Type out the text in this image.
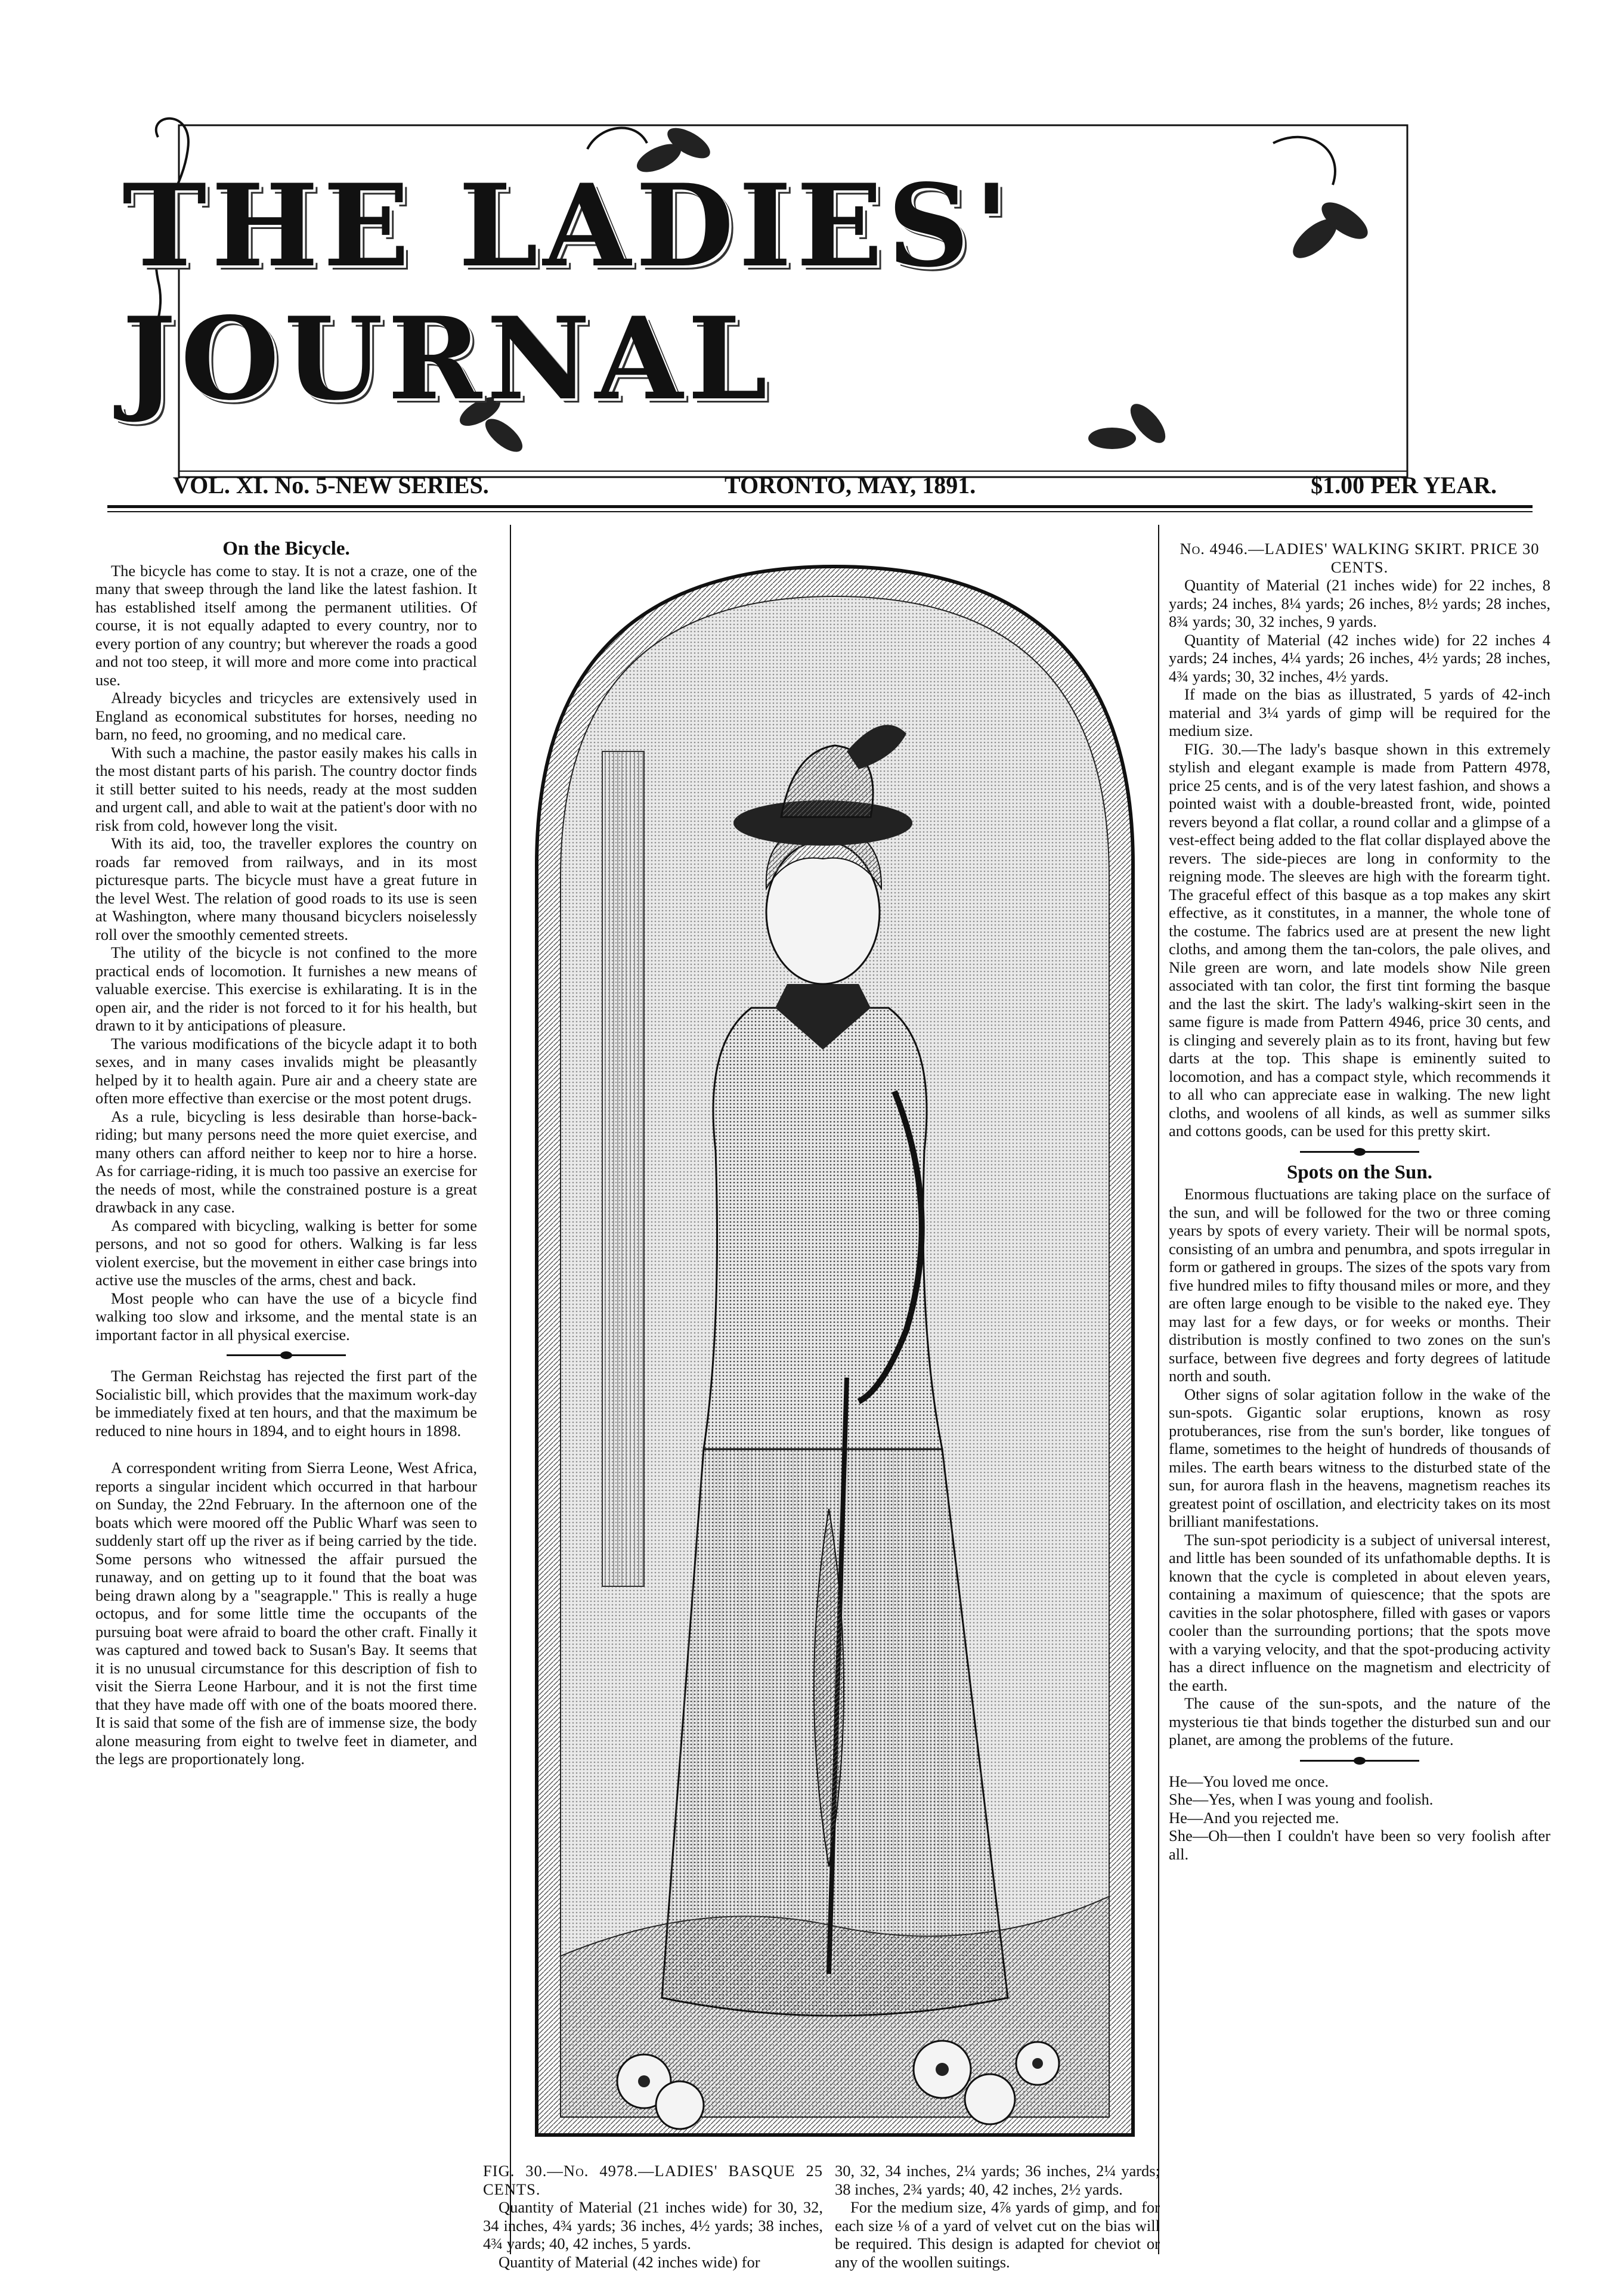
THE LADIES' JOURNAL
VOL. XI. No. 5-NEW SERIES.	TORONTO, MAY, 1891.	$1.00 PER YEAR.
On the Bicycle.

The bicycle has come to stay. It is not a craze, one of the many that sweep through the land like the latest fashion. It has established itself among the permanent utilities. Of course, it is not equally adapted to every country, nor to every portion of any country; but wherever the roads a good and not too steep, it will more and more come into practical use.

Already bicycles and tricycles are extensively used in England as economical substitutes for horses, needing no barn, no feed, no grooming, and no medical care.

With such a machine, the pastor easily makes his calls in the most distant parts of his parish. The country doctor finds it still better suited to his needs, ready at the most sudden and urgent call, and able to wait at the patient's door with no risk from cold, however long the visit.

With its aid, too, the traveller explores the country on roads far removed from railways, and in its most picturesque parts. The bicycle must have a great future in the level West. The relation of good roads to its use is seen at Washington, where many thousand bicyclers noiselessly roll over the smoothly cemented streets.

The utility of the bicycle is not confined to the more practical ends of locomotion. It furnishes a new means of valuable exercise. This exercise is exhilarating. It is in the open air, and the rider is not forced to it for his health, but drawn to it by anticipations of pleasure.

The various modifications of the bicycle adapt it to both sexes, and in many cases invalids might be pleasantly helped by it to health again. Pure air and a cheery state are often more effective than exercise or the most potent drugs.

As a rule, bicycling is less desirable than horse-back-riding; but many persons need the more quiet exercise, and many others can afford neither to keep nor to hire a horse. As for carriage-riding, it is much too passive an exercise for the needs of most, while the constrained posture is a great drawback in any case.

As compared with bicycling, walking is better for some persons, and not so good for others. Walking is far less violent exercise, but the movement in either case brings into active use the muscles of the arms, chest and back.

Most people who can have the use of a bicycle find walking too slow and irksome, and the mental state is an important factor in all physical exercise.

The German Reichstag has rejected the first part of the Socialistic bill, which provides that the maximum work-day be immediately fixed at ten hours, and that the maximum be reduced to nine hours in 1894, and to eight hours in 1898.

A correspondent writing from Sierra Leone, West Africa, reports a singular incident which occurred in that harbour on Sunday, the 22nd February. In the afternoon one of the boats which were moored off the Public Wharf was seen to suddenly start off up the river as if being carried by the tide. Some persons who witnessed the affair pursued the runaway, and on getting up to it found that the boat was being drawn along by a "seagrapple." This is really a huge octopus, and for some little time the occupants of the pursuing boat were afraid to board the other craft. Finally it was captured and towed back to Susan's Bay. It seems that it is no unusual circumstance for this description of fish to visit the Sierra Leone Harbour, and it is not the first time that they have made off with one of the boats moored there. It is said that some of the fish are of immense size, the body alone measuring from eight to twelve feet in diameter, and the legs are proportionately long.

FIG. 30.—No. 4978.—LADIES' BASQUE 25 CENTS.

Quantity of Material (21 inches wide) for 30, 32, 34 inches, 4¾ yards; 36 inches, 4½ yards; 38 inches, 4¾ yards; 40, 42 inches, 5 yards.

Quantity of Material (42 inches wide) for

30, 32, 34 inches, 2¼ yards; 36 inches, 2¼ yards; 38 inches, 2¾ yards; 40, 42 inches, 2½ yards.

For the medium size, 4⅞ yards of gimp, and for each size ⅛ of a yard of velvet cut on the bias will be required. This design is adapted for cheviot or any of the woollen suitings.

No. 4946.—LADIES' WALKING SKIRT. PRICE 30 CENTS.

Quantity of Material (21 inches wide) for 22 inches, 8 yards; 24 inches, 8¼ yards; 26 inches, 8½ yards; 28 inches, 8¾ yards; 30, 32 inches, 9 yards.

Quantity of Material (42 inches wide) for 22 inches 4 yards; 24 inches, 4¼ yards; 26 inches, 4½ yards; 28 inches, 4¾ yards; 30, 32 inches, 4½ yards.

If made on the bias as illustrated, 5 yards of 42-inch material and 3¼ yards of gimp will be required for the medium size.

FIG. 30.—The lady's basque shown in this extremely stylish and elegant example is made from Pattern 4978, price 25 cents, and is of the very latest fashion, and shows a pointed waist with a double-breasted front, wide, pointed revers beyond a flat collar, a round collar and a glimpse of a vest-effect being added to the flat collar displayed above the revers. The side-pieces are long in conformity to the reigning mode. The sleeves are high with the forearm tight. The graceful effect of this basque as a top makes any skirt effective, as it constitutes, in a manner, the whole tone of the costume. The fabrics used are at present the new light cloths, and among them the tan-colors, the pale olives, and Nile green are worn, and late models show Nile green associated with tan color, the first tint forming the basque and the last the skirt. The lady's walking-skirt seen in the same figure is made from Pattern 4946, price 30 cents, and is clinging and severely plain as to its front, having but few darts at the top. This shape is eminently suited to locomotion, and has a compact style, which recommends it to all who can appreciate ease in walking. The new light cloths, and woolens of all kinds, as well as summer silks and cottons goods, can be used for this pretty skirt.

Spots on the Sun.

Enormous fluctuations are taking place on the surface of the sun, and will be followed for the two or three coming years by spots of every variety. Their will be normal spots, consisting of an umbra and penumbra, and spots irregular in form or gathered in groups. The sizes of the spots vary from five hundred miles to fifty thousand miles or more, and they are often large enough to be visible to the naked eye. They may last for a few days, or for weeks or months. Their distribution is mostly confined to two zones on the sun's surface, between five degrees and forty degrees of latitude north and south.

Other signs of solar agitation follow in the wake of the sun-spots. Gigantic solar eruptions, known as rosy protuberances, rise from the sun's border, like tongues of flame, sometimes to the height of hundreds of thousands of miles. The earth bears witness to the disturbed state of the sun, for aurora flash in the heavens, magnetism reaches its greatest point of oscillation, and electricity takes on its most brilliant manifestations.

The sun-spot periodicity is a subject of universal interest, and little has been sounded of its unfathomable depths. It is known that the cycle is completed in about eleven years, containing a maximum of quiescence; that the spots are cavities in the solar photosphere, filled with gases or vapors cooler than the surrounding portions; that the spots move with a varying velocity, and that the spot-producing activity has a direct influence on the magnetism and electricity of the earth.

The cause of the sun-spots, and the nature of the mysterious tie that binds together the disturbed sun and our planet, are among the problems of the future.

He—You loved me once.

She—Yes, when I was young and foolish.

He—And you rejected me.

She—Oh—then I couldn't have been so very foolish after all.
